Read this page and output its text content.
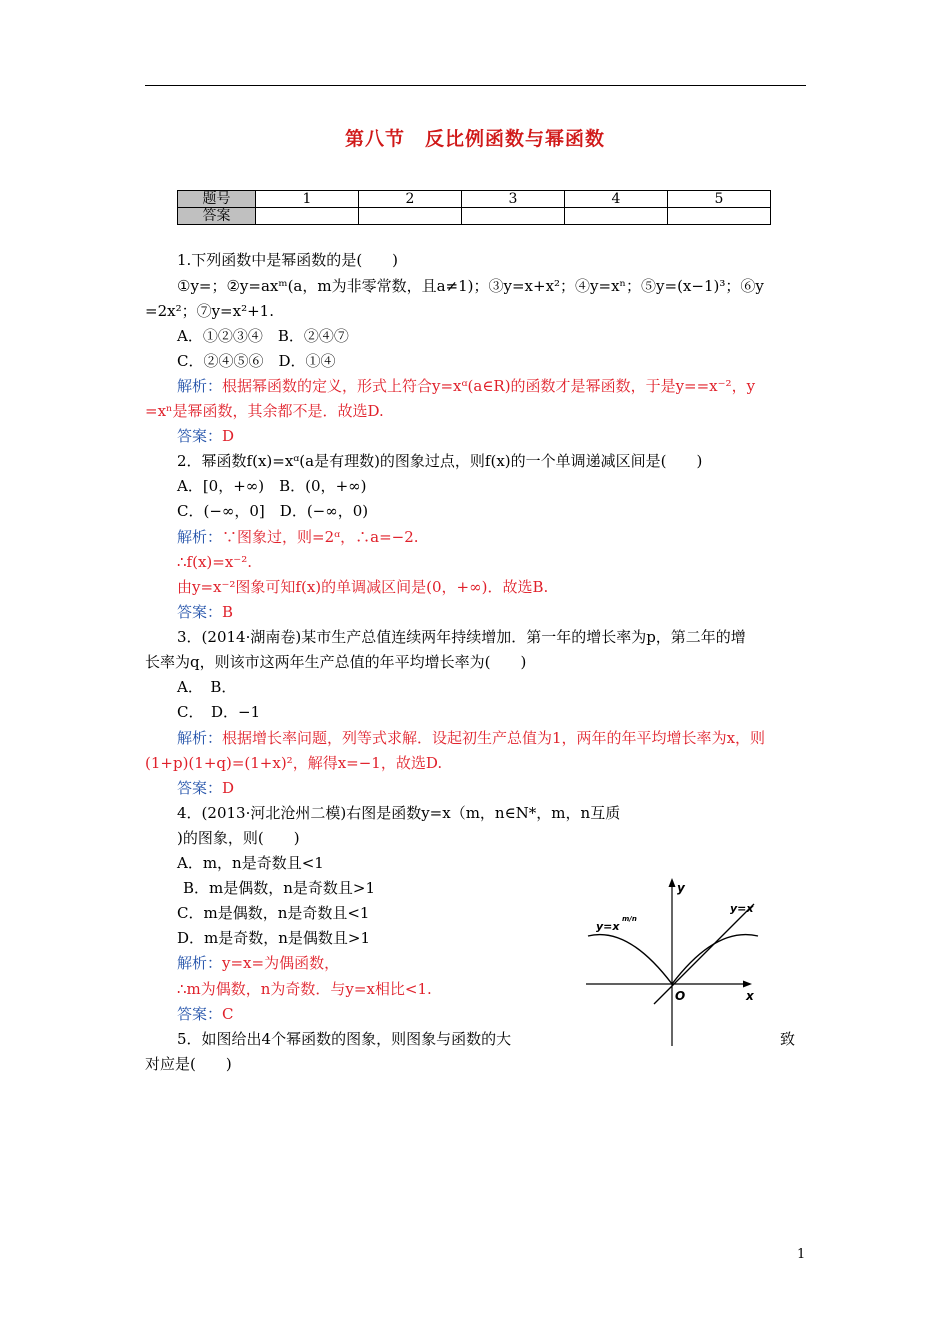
第八节　反比例函数与幂函数
题号	1	2	3	4	5
答案					
1.下列函数中是幂函数的是(　　)
①y=；②y=axᵐ(a，m为非零常数，且a≠1)；③y=x+x²；④y=xⁿ；⑤y=(x−1)³；⑥y
=2x²；⑦y=x²+1.
A．①②③④　B．②④⑦
C．②④⑤⑥　D．①④
解析：根据幂函数的定义，形式上符合y=xᵅ(a∈R)的函数才是幂函数，于是y==x⁻²，y
=xⁿ是幂函数，其余都不是．故选D.
答案：D
2．幂函数f(x)=xᵅ(a是有理数)的图象过点，则f(x)的一个单调递减区间是(　　)
A．[0，+∞)　B．(0，+∞)
C．(−∞，0]　D．(−∞，0)
解析：∵图象过，则=2ᵅ，∴a=−2.
∴f(x)=x⁻².
由y=x⁻²图象可知f(x)的单调减区间是(0，+∞)．故选B.
答案：B
3．(2014·湖南卷)某市生产总值连续两年持续增加．第一年的增长率为p，第二年的增
长率为q，则该市这两年生产总值的年平均增长率为(　　)
A．　B．
C．　D．−1
解析：根据增长率问题，列等式求解．设起初生产总值为1，两年的年平均增长率为x，则
(1+p)(1+q)=(1+x)²，解得x=−1，故选D.
答案：D
4．(2013·河北沧州二模)右图是函数y=x（m，n∈N*，m，n互质
)的图象，则(　　)
A．m，n是奇数且<1
B．m是偶数，n是奇数且>1
C．m是偶数，n是奇数且<1
D．m是奇数，n是偶数且>1
解析：y=x=为偶函数，
∴m为偶数，n为奇数．与y=x相比<1.
答案：C
5．如图给出4个幂函数的图象，则图象与函数的大	致
对应是(　　)
y
x
O
y=x
m/n
y=x
1
